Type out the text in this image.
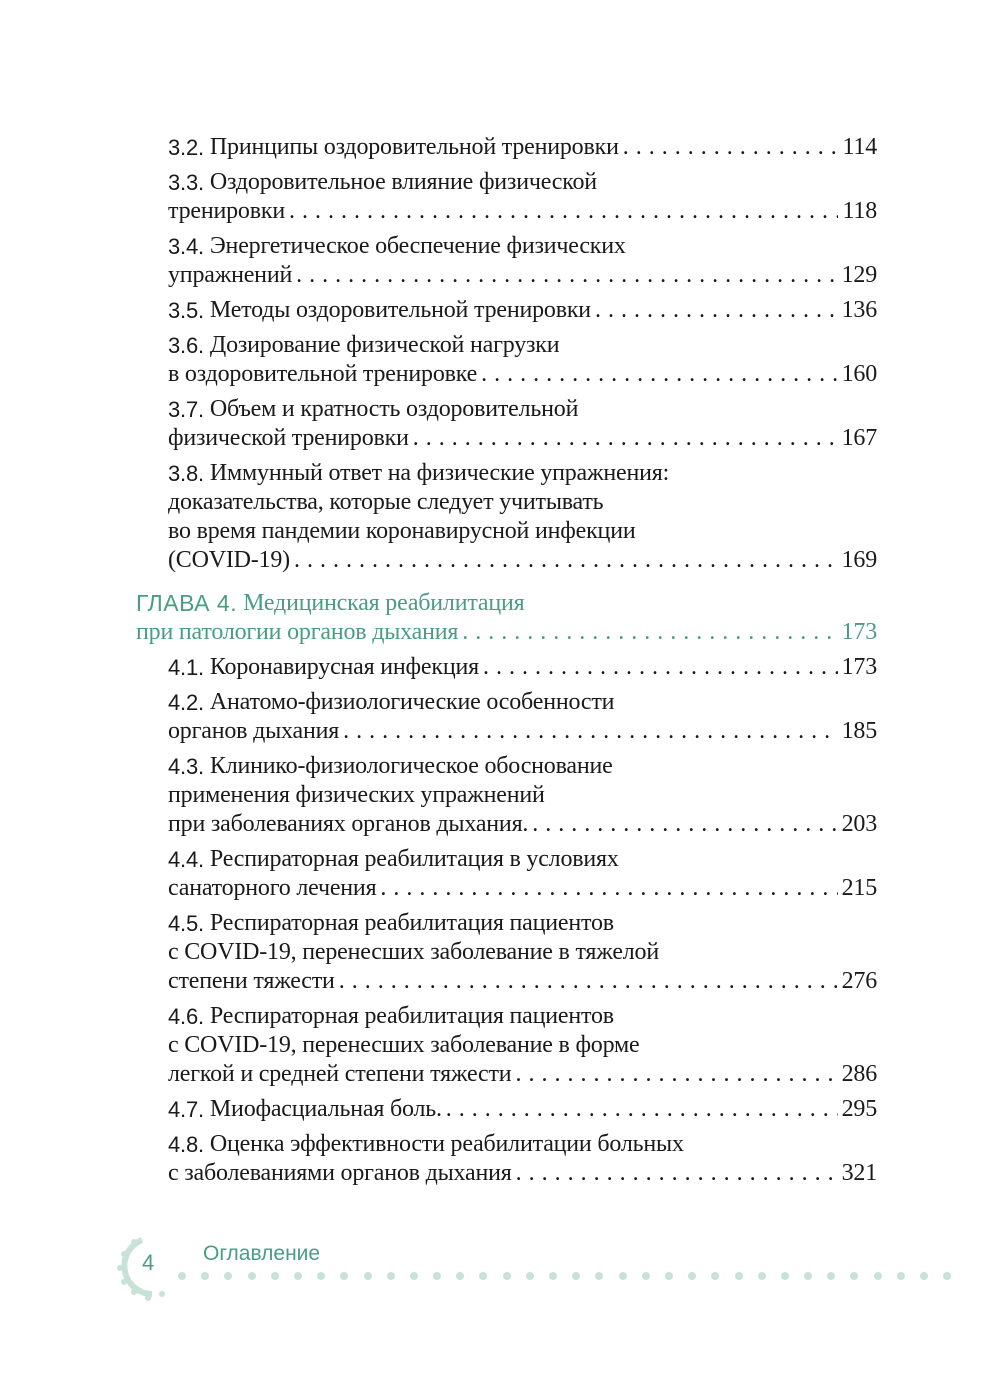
3.2. Принципы оздоровительной тренировки . . .	114
3.3. Оздоровительное влияние физической
тренировки . . .	118
3.4. Энергетическое обеспечение физических
упражнений . . .	129
3.5. Методы оздоровительной тренировки . . .	136
3.6. Дозирование физической нагрузки
в оздоровительной тренировке . . .	160
3.7. Объем и кратность оздоровительной
физической тренировки . . .	167
3.8. Иммунный ответ на физические упражнения:
доказательства, которые следует учитывать
во время пандемии коронавирусной инфекции
(COVID-19) . . .	169
ГЛАВА 4. Медицинская реабилитация
при патологии органов дыхания . . .	173
4.1. Коронавирусная инфекция . . .	173
4.2. Анатомо-физиологические особенности
органов дыхания . . .	185
4.3. Клинико-физиологическое обоснование
применения физических упражнений
при заболеваниях органов дыхания. . . .	203
4.4. Респираторная реабилитация в условиях
санаторного лечения . . .	215
4.5. Респираторная реабилитация пациентов
с COVID-19, перенесших заболевание в тяжелой
степени тяжести . . .	276
4.6. Респираторная реабилитация пациентов
с COVID-19, перенесших заболевание в форме
легкой и средней степени тяжести . . .	286
4.7. Миофасциальная боль. . . .	295
4.8. Оценка эффективности реабилитации больных
с заболеваниями органов дыхания . . .	321
4 Оглавление
